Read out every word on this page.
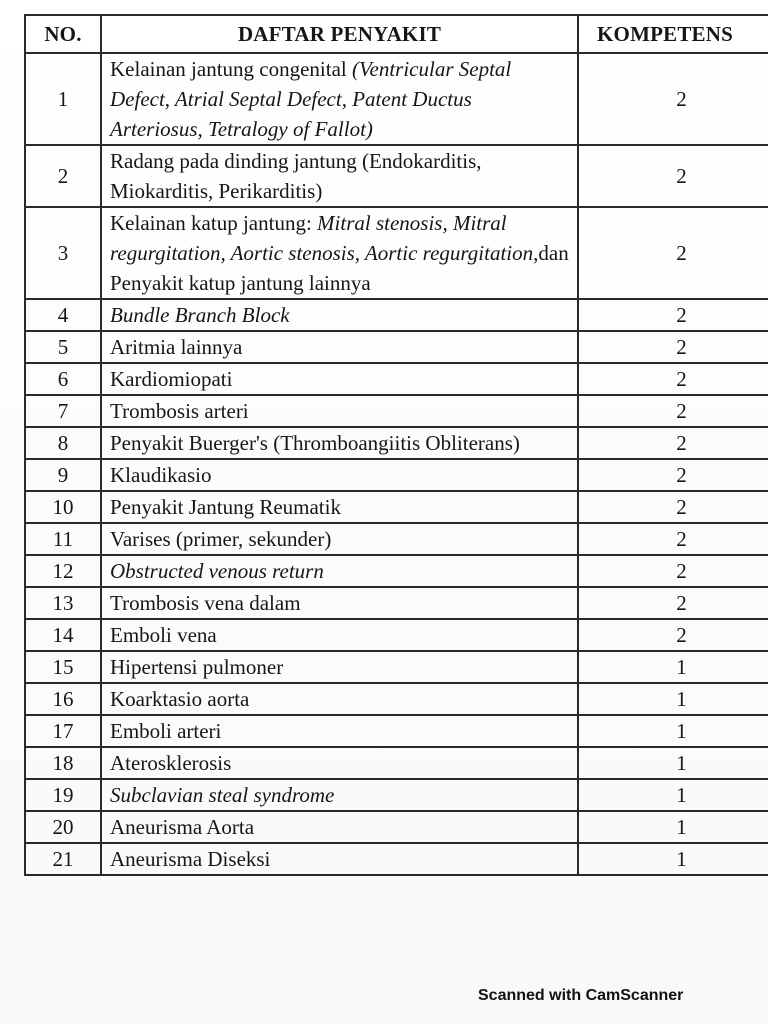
NO.	DAFTAR PENYAKIT	KOMPETENS
1	Kelainan jantung congenital (Ventricular Septal Defect, Atrial Septal Defect, Patent Ductus Arteriosus, Tetralogy of Fallot)	2
2	Radang pada dinding jantung (Endokarditis, Miokarditis, Perikarditis)	2
3	Kelainan katup jantung: Mitral stenosis, Mitral regurgitation, Aortic stenosis, Aortic regurgitation,dan Penyakit katup jantung lainnya	2
4	Bundle Branch Block	2
5	Aritmia lainnya	2
6	Kardiomiopati	2
7	Trombosis arteri	2
8	Penyakit Buerger's (Thromboangiitis Obliterans)	2
9	Klaudikasio	2
10	Penyakit Jantung Reumatik	2
11	Varises (primer, sekunder)	2
12	Obstructed venous return	2
13	Trombosis vena dalam	2
14	Emboli vena	2
15	Hipertensi pulmoner	1
16	Koarktasio aorta	1
17	Emboli arteri	1
18	Aterosklerosis	1
19	Subclavian steal syndrome	1
20	Aneurisma Aorta	1
21	Aneurisma Diseksi	1
Scanned with CamScanner
